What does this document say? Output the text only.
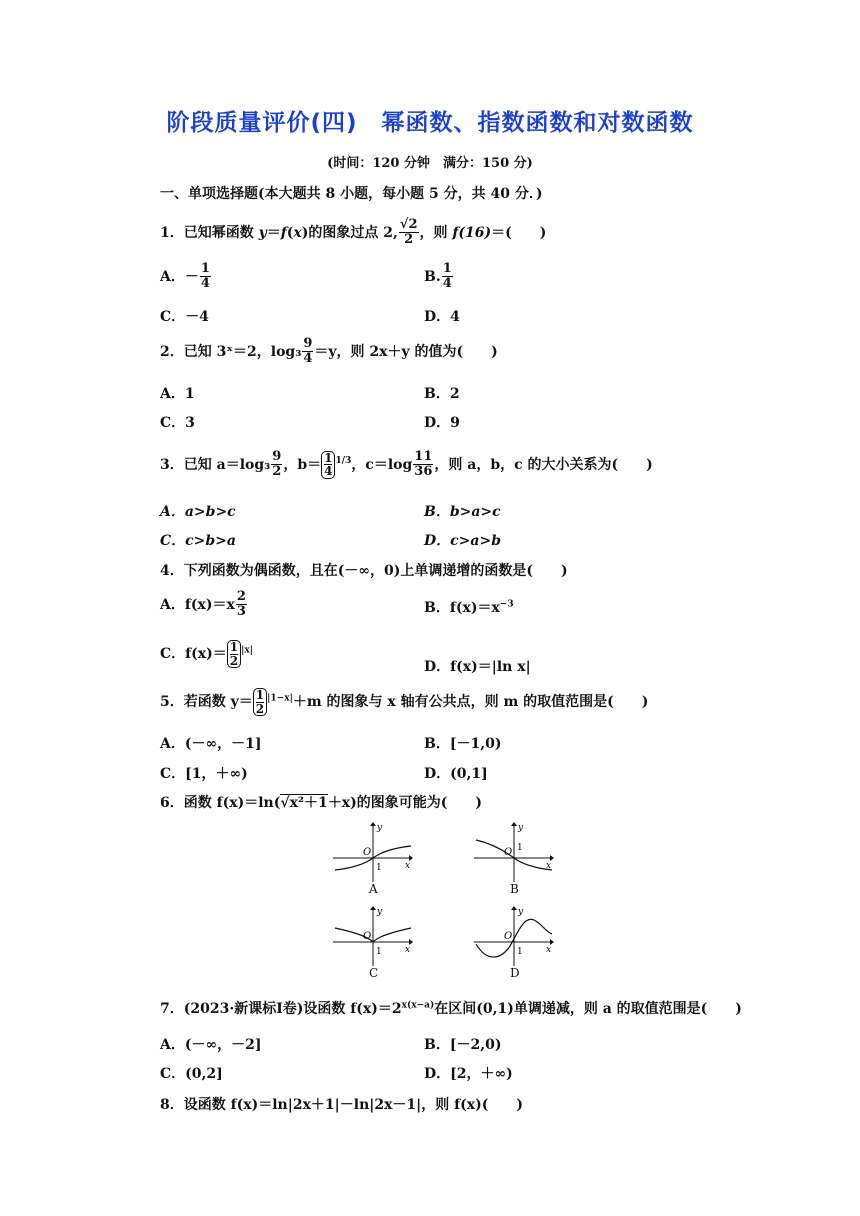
阶段质量评价(四)　幂函数、指数函数和对数函数
(时间：120 分钟　满分：150 分)
一、单项选择题(本大题共 8 小题，每小题 5 分，共 40 分．)
1．已知幂函数 y＝f(x)的图象过点 2, $\frac{√2}{2}$ ，则 f(16)＝(　　)
A．－ $\frac{1}{4}$	B. $\frac{1}{4}$
C．－4	D．4
2．已知 3ˣ＝2，$\log_3 \frac{9}{4} =y$，则 2x＋y 的值为(　　)
A．1	B．2
C．3	D．9
3．已知 $a=\log_3 \frac{9}{2}$ ，$b= \frac{1}{4}^{1/3}$，$c=\log \frac{11}{36}$ ，则 a，b，c 的大小关系为(　　)
A．a>b>c	B．b>a>c
C．c>b>a	D．c>a>b
4．下列函数为偶函数，且在(－∞，0)上单调递增的函数是(　　)
A．$f(x)=x \frac{2}{3}$	B．$f(x)=x^{-3}$
C．$f(x)= \frac{1}{2}^{|x|}$
D．f(x)＝|ln x|
5．若函数 $y= \frac{1}{2}^{|1-x|}+m$ 的图象与 x 轴有公共点，则 m 的取值范围是(　　)
A．(－∞，－1]	B．[－1,0)
C．[1，＋∞)	D．(0,1]
6．函数 f(x)＝ln(√x²＋1＋x)的图象可能为(　　)
y
x
O
1
A
y
x
O 1
B
y
x
O
1
C
y
x
O
1
D
7．(2023·新课标Ⅰ卷)设函数 $f(x)=2^{x(x-a)}$在区间(0,1)单调递减，则 a 的取值范围是(　　)
A．(－∞，－2]	B．[－2,0)
C．(0,2]	D．[2，＋∞)
8．设函数 f(x)＝ln|2x＋1|－ln|2x－1|，则 f(x)(　　)
